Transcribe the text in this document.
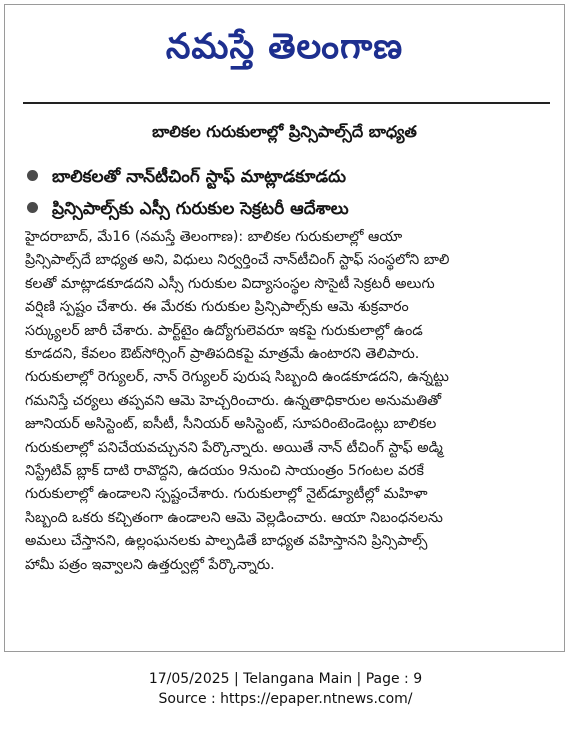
నమస్తే తెలంగాణ
బాలికల గురుకులాల్లో ప్రిన్సిపాల్స్‌దే బాధ్యత
బాలికలతో నాన్‌టీచింగ్ స్టాఫ్ మాట్లాడకూడదు
ప్రిన్సిపాల్స్‌కు ఎస్సీ గురుకుల సెక్రటరీ ఆదేశాలు
హైదరాబాద్, మే16 (నమస్తే తెలంగాణ): బాలికల గురుకులాల్లో ఆయా
ప్రిన్సిపాల్స్‌దే బాధ్యత అని, విధులు నిర్వర్తించే నాన్‌టీచింగ్ స్టాఫ్ సంస్థలోని బాలి
కలతో మాట్లాడకూడదని ఎస్సీ గురుకుల విద్యాసంస్థల సొసైటీ సెక్రటరీ అలుగు
వర్షిణి స్పష్టం చేశారు. ఈ మేరకు గురుకుల ప్రిన్సిపాల్స్‌కు ఆమె శుక్రవారం
సర్క్యులర్ జారీ చేశారు. పార్ట్‌టైం ఉద్యోగులెవరూ ఇకపై గురుకులాల్లో ఉండ
కూడదని, కేవలం ఔట్‌సోర్సింగ్ ప్రాతిపదికపై మాత్రమే ఉంటారని తెలిపారు.
గురుకులాల్లో రెగ్యులర్, నాన్ రెగ్యులర్ పురుష సిబ్బంది ఉండకూడదని, ఉన్నట్టు
గమనిస్తే చర్యలు తప్పవని ఆమె హెచ్చరించారు. ఉన్నతాధికారుల అనుమతితో
జూనియర్ అసిస్టెంట్, ఐసీటీ, సీనియర్ అసిస్టెంట్, సూపరింటెండెంట్లు బాలికల
గురుకులాల్లో పనిచేయవచ్చునని పేర్కొన్నారు. అయితే నాన్ టీచింగ్ స్టాఫ్ అడ్మి
నిస్ట్రేటివ్ బ్లాక్ దాటి రావొద్దని, ఉదయం 9నుంచి సాయంత్రం 5గంటల వరకే
గురుకులాల్లో ఉండాలని స్పష్టంచేశారు. గురుకులాల్లో నైట్‌డ్యూటీల్లో మహిళా
సిబ్బంది ఒకరు కచ్చితంగా ఉండాలని ఆమె వెల్లడించారు. ఆయా నిబంధనలను
అమలు చేస్తానని, ఉల్లంఘనలకు పాల్పడితే బాధ్యత వహిస్తానని ప్రిన్సిపాల్స్
హామీ పత్రం ఇవ్వాలని ఉత్తర్వుల్లో పేర్కొన్నారు.
17/05/2025 | Telangana Main | Page : 9
Source : https://epaper.ntnews.com/
